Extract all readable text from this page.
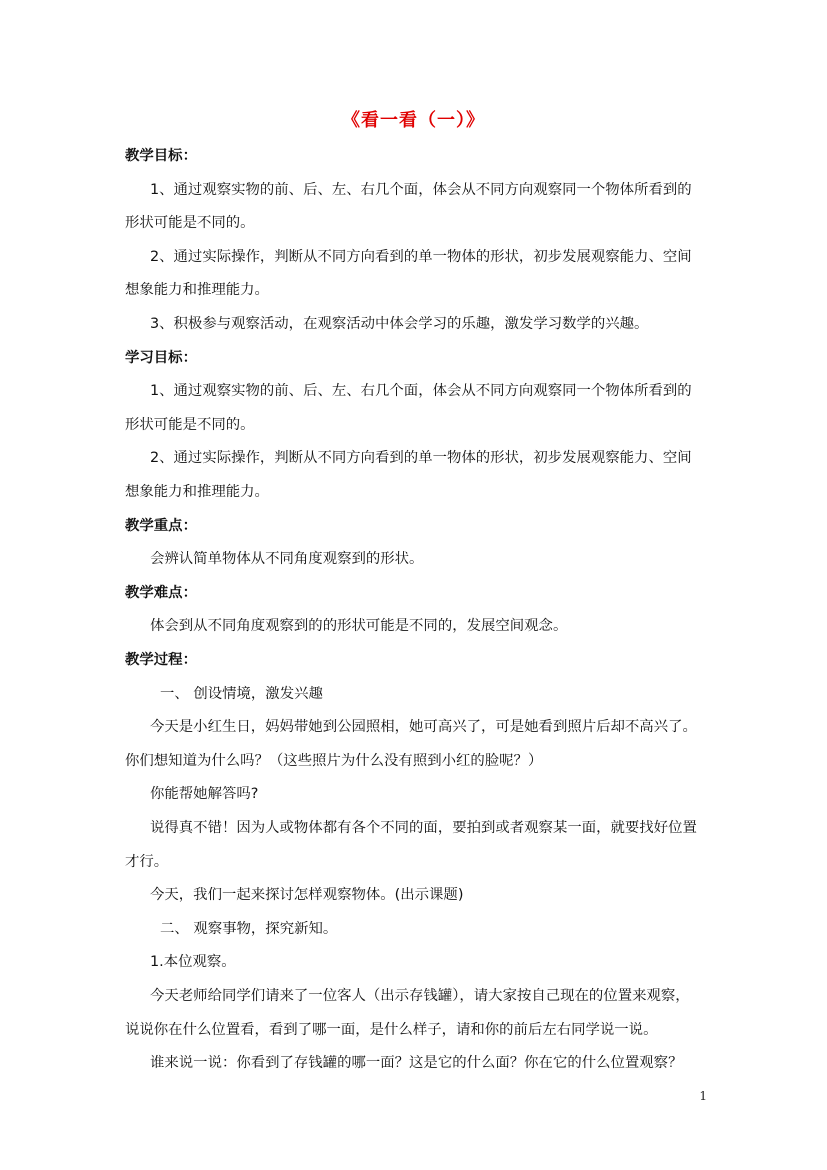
《看一看（一）》
教学目标：
1、通过观察实物的前、后、左、右几个面，体会从不同方向观察同一个物体所看到的
形状可能是不同的。
2、通过实际操作，判断从不同方向看到的单一物体的形状，初步发展观察能力、空间
想象能力和推理能力。
3、积极参与观察活动，在观察活动中体会学习的乐趣，激发学习数学的兴趣。
学习目标：
1、通过观察实物的前、后、左、右几个面，体会从不同方向观察同一个物体所看到的
形状可能是不同的。
2、通过实际操作，判断从不同方向看到的单一物体的形状，初步发展观察能力、空间
想象能力和推理能力。
教学重点：
会辨认简单物体从不同角度观察到的形状。
教学难点：
体会到从不同角度观察到的的形状可能是不同的，发展空间观念。
教学过程：
一、 创设情境，激发兴趣
今天是小红生日，妈妈带她到公园照相，她可高兴了，可是她看到照片后却不高兴了。
你们想知道为什么吗？（这些照片为什么没有照到小红的脸呢？）
你能帮她解答吗?
说得真不错！因为人或物体都有各个不同的面，要拍到或者观察某一面，就要找好位置
才行。
今天，我们一起来探讨怎样观察物体。(出示课题)
二、 观察事物，探究新知。
1.本位观察。
今天老师给同学们请来了一位客人（出示存钱罐），请大家按自己现在的位置来观察，
说说你在什么位置看，看到了哪一面，是什么样子，请和你的前后左右同学说一说。
谁来说一说：你看到了存钱罐的哪一面？这是它的什么面？你在它的什么位置观察？
1
